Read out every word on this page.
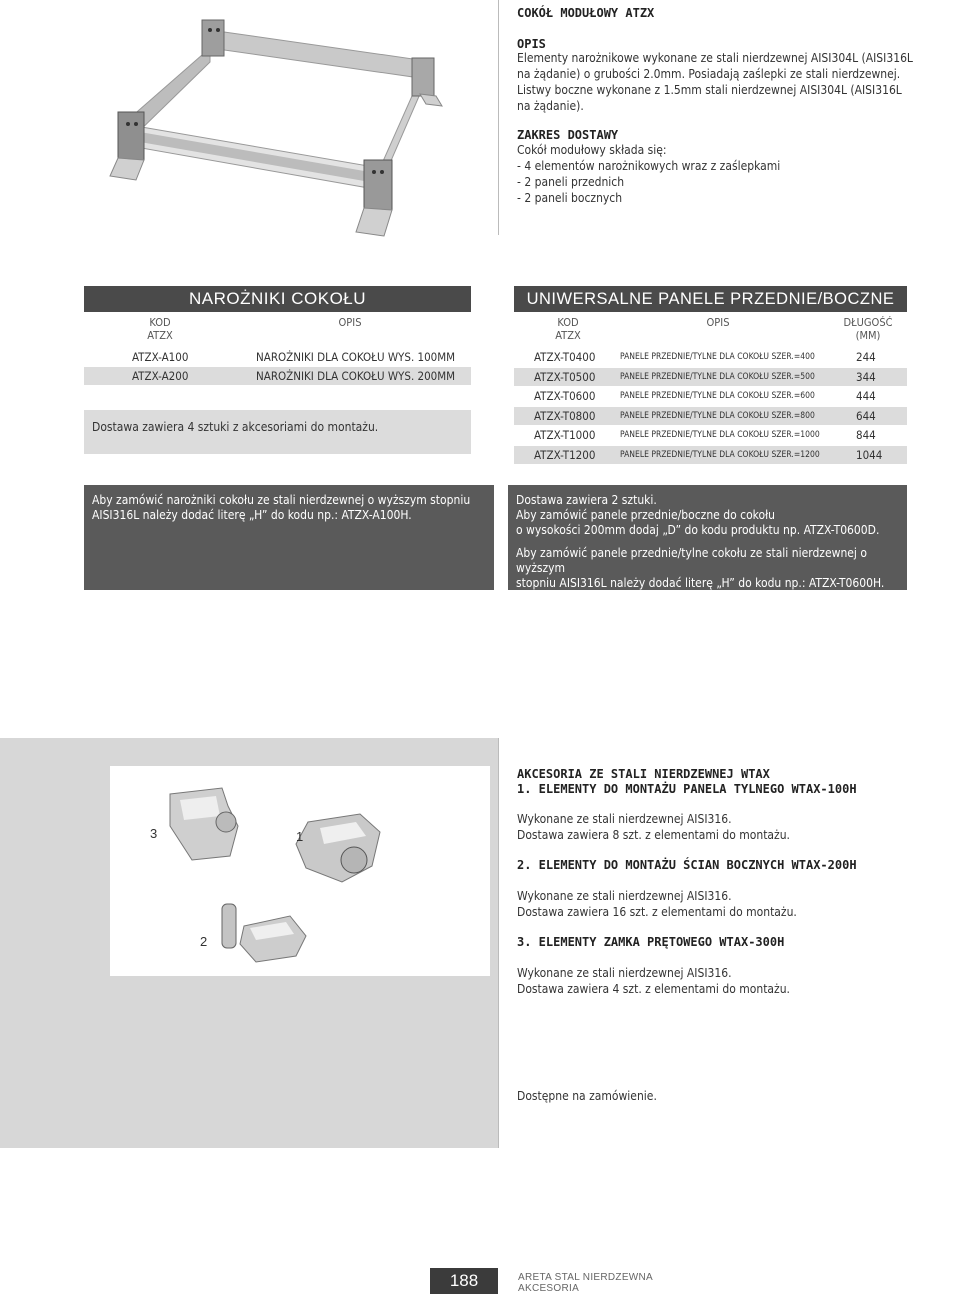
COKÓŁ MODUŁOWY ATZX
OPIS
Elementy narożnikowe wykonane ze stali nierdzewnej AISI304L (AISI316L
na żądanie) o grubości 2.0mm. Posiadają zaślepki ze stali nierdzewnej.
Listwy boczne wykonane z 1.5mm stali nierdzewnej AISI304L (AISI316L
na żądanie).
ZAKRES DOSTAWY
Cokół modułowy składa się:
- 4 elementów narożnikowych wraz z zaślepkami
- 2 paneli przednich
- 2 paneli bocznych
NAROŻNIKI COKOŁU
KOD
ATZX
OPIS
ATZX-A100	NAROŻNIKI DLA COKOŁU WYS. 100MM
ATZX-A200	NAROŻNIKI DLA COKOŁU WYS. 200MM
Dostawa zawiera 4 sztuki z akcesoriami do montażu.
UNIWERSALNE PANELE PRZEDNIE/BOCZNE
KOD
ATZX
OPIS	DŁUGOŚĆ
(MM)
ATZX-T0400	PANELE PRZEDNIE/TYLNE DLA COKOŁU SZER.=400	244
ATZX-T0500	PANELE PRZEDNIE/TYLNE DLA COKOŁU SZER.=500	344
ATZX-T0600	PANELE PRZEDNIE/TYLNE DLA COKOŁU SZER.=600	444
ATZX-T0800	PANELE PRZEDNIE/TYLNE DLA COKOŁU SZER.=800	644
ATZX-T1000	PANELE PRZEDNIE/TYLNE DLA COKOŁU SZER.=1000	844
ATZX-T1200	PANELE PRZEDNIE/TYLNE DLA COKOŁU SZER.=1200	1044
Aby zamówić narożniki cokołu ze stali nierdzewnej o wyższym stopniu
AISI316L należy dodać literę „H” do kodu np.: ATZX-A100H.
Dostawa zawiera 2 sztuki.
Aby zamówić panele przednie/boczne do cokołu
o wysokości 200mm dodaj „D” do kodu produktu np. ATZX-T0600D.
Aby zamówić panele przednie/tylne cokołu ze stali nierdzewnej o wyższym
stopniu AISI316L należy dodać literę „H” do kodu np.: ATZX-T0600H.
3	1
2
AKCESORIA ZE STALI NIERDZEWNEJ WTAX
1. ELEMENTY DO MONTAŻU PANELA TYLNEGO WTAX-100H
Wykonane ze stali nierdzewnej AISI316.
Dostawa zawiera 8 szt. z elementami do montażu.
2. ELEMENTY DO MONTAŻU ŚCIAN BOCZNYCH WTAX-200H
Wykonane ze stali nierdzewnej AISI316.
Dostawa zawiera 16 szt. z elementami do montażu.
3. ELEMENTY ZAMKA PRĘTOWEGO WTAX-300H
Wykonane ze stali nierdzewnej AISI316.
Dostawa zawiera 4 szt. z elementami do montażu.
Dostępne na zamówienie.
188	ARETA STAL NIERDZEWNA
AKCESORIA
